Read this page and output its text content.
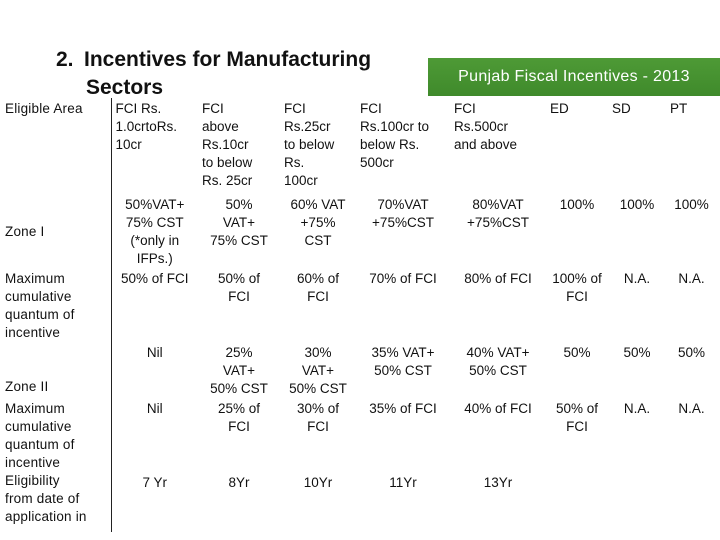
2. Incentives for Manufacturing
Sectors	Punjab Fiscal Incentives - 2013
Eligible Area	FCI Rs.
1.0crtoRs.
10cr	FCI
above
Rs.10cr
to below
Rs. 25cr	FCI
Rs.25cr
to below
Rs.
100cr	FCI
Rs.100cr to
below Rs.
500cr	FCI
Rs.500cr
and above	ED	SD	PT
Zone I	50%VAT+
75% CST
(*only in
IFPs.)	50%
VAT+
75% CST	60% VAT
+75%
CST	70%VAT
+75%CST	80%VAT
+75%CST	100%	100%	100%

Maximum
cumulative
quantum of
incentive	50% of FCI	50% of
FCI	60% of
FCI	70% of FCI	80% of FCI	100% of
FCI	N.A.	N.A.
Zone II	Nil	25%
VAT+
50% CST	30%
VAT+
50% CST	35% VAT+
50% CST	40% VAT+
50% CST	50%	50%	50%

Maximum
cumulative
quantum of
incentive	Nil	25% of
FCI	30% of
FCI	35% of FCI	40% of FCI	50% of
FCI	N.A.	N.A.

Eligibility
from date of
application in	7 Yr	8Yr	10Yr	11Yr	13Yr			
